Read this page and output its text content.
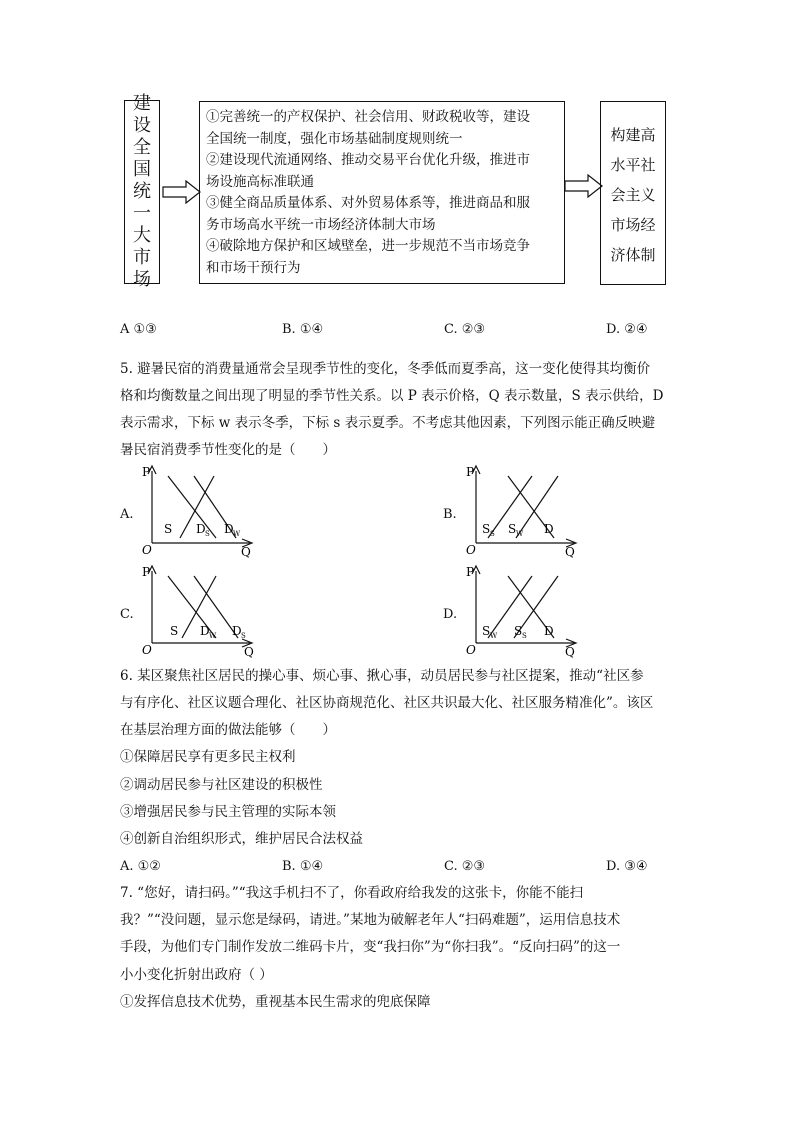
建
设
全
国
统
一
大
市
场
①完善统一的产权保护、社会信用、财政税收等，建设
全国统一制度，强化市场基础制度规则统一
②建设现代流通网络、推动交易平台优化升级，推进市
场设施高标准联通
③健全商品质量体系、对外贸易体系等，推进商品和服
务市场高水平统一市场经济体制大市场
④破除地方保护和区域壁垒，进一步规范不当市场竞争
和市场干预行为
构建高
水平社
会主义
市场经
济体制
A ①③	B. ①④	C. ②③	D. ②④
5. 避暑民宿的消费量通常会呈现季节性的变化，冬季低而夏季高，这一变化使得其均衡价
格和均衡数量之间出现了明显的季节性关系。以 P 表示价格，Q 表示数量，S 表示供给，D
表示需求，下标 w 表示冬季，下标 s 表示夏季。不考虑其他因素，下列图示能正确反映避
暑民宿消费季节性变化的是（　　）
A.
P
O	Q
S D S D W
B.
P
O	Q
S S S W D
C.
P
O	Q
S D W D S
D.
S W S S D
P
O	Q
6. 某区聚焦社区居民的操心事、烦心事、揪心事，动员居民参与社区提案，推动“社区参
与有序化、社区议题合理化、社区协商规范化、社区共识最大化、社区服务精准化”。该区
在基层治理方面的做法能够（　　）
①保障居民享有更多民主权利
②调动居民参与社区建设的积极性
③增强居民参与民主管理的实际本领
④创新自治组织形式，维护居民合法权益
A. ①②	B. ①④	C. ②③	D. ③④
7. “您好，请扫码。”“我这手机扫不了，你看政府给我发的这张卡，你能不能扫
我？”“没问题，显示您是绿码，请进。”某地为破解老年人“扫码难题”，运用信息技术
手段，为他们专门制作发放二维码卡片，变“我扫你”为“你扫我”。“反向扫码”的这一
小小变化折射出政府（ ）
①发挥信息技术优势，重视基本民生需求的兜底保障
